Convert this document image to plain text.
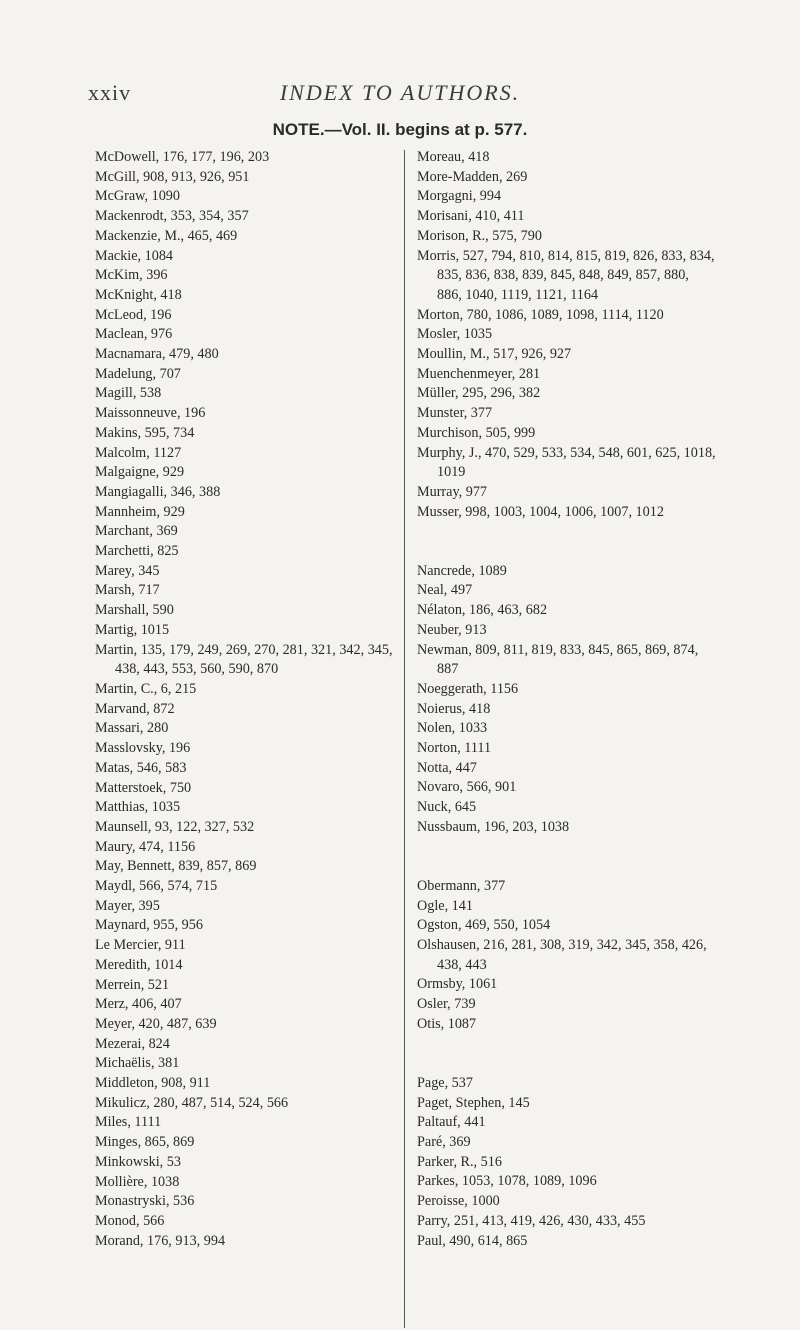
xxiv	INDEX TO AUTHORS.
NOTE.—Vol. II. begins at p. 577.
McDowell, 176, 177, 196, 203
McGill, 908, 913, 926, 951
McGraw, 1090
Mackenrodt, 353, 354, 357
Mackenzie, M., 465, 469
Mackie, 1084
McKim, 396
McKnight, 418
McLeod, 196
Maclean, 976
Macnamara, 479, 480
Madelung, 707
Magill, 538
Maissonneuve, 196
Makins, 595, 734
Malcolm, 1127
Malgaigne, 929
Mangiagalli, 346, 388
Mannheim, 929
Marchant, 369
Marchetti, 825
Marey, 345
Marsh, 717
Marshall, 590
Martig, 1015
Martin, 135, 179, 249, 269, 270, 281, 321, 342, 345, 438, 443, 553, 560, 590, 870
Martin, C., 6, 215
Marvand, 872
Massari, 280
Masslovsky, 196
Matas, 546, 583
Matterstoek, 750
Matthias, 1035
Maunsell, 93, 122, 327, 532
Maury, 474, 1156
May, Bennett, 839, 857, 869
Maydl, 566, 574, 715
Mayer, 395
Maynard, 955, 956
Le Mercier, 911
Meredith, 1014
Merrein, 521
Merz, 406, 407
Meyer, 420, 487, 639
Mezerai, 824
Michaëlis, 381
Middleton, 908, 911
Mikulicz, 280, 487, 514, 524, 566
Miles, 1111
Minges, 865, 869
Minkowski, 53
Mollière, 1038
Monastryski, 536
Monod, 566
Morand, 176, 913, 994
Moreau, 418
More-Madden, 269
Morgagni, 994
Morisani, 410, 411
Morison, R., 575, 790
Morris, 527, 794, 810, 814, 815, 819, 826, 833, 834, 835, 836, 838, 839, 845, 848, 849, 857, 880, 886, 1040, 1119, 1121, 1164
Morton, 780, 1086, 1089, 1098, 1114, 1120
Mosler, 1035
Moullin, M., 517, 926, 927
Muenchenmeyer, 281
Müller, 295, 296, 382
Munster, 377
Murchison, 505, 999
Murphy, J., 470, 529, 533, 534, 548, 601, 625, 1018, 1019
Murray, 977
Musser, 998, 1003, 1004, 1006, 1007, 1012
Nancrede, 1089
Neal, 497
Nélaton, 186, 463, 682
Neuber, 913
Newman, 809, 811, 819, 833, 845, 865, 869, 874, 887
Noeggerath, 1156
Noierus, 418
Nolen, 1033
Norton, 1111
Notta, 447
Novaro, 566, 901
Nuck, 645
Nussbaum, 196, 203, 1038
Obermann, 377
Ogle, 141
Ogston, 469, 550, 1054
Olshausen, 216, 281, 308, 319, 342, 345, 358, 426, 438, 443
Ormsby, 1061
Osler, 739
Otis, 1087
Page, 537
Paget, Stephen, 145
Paltauf, 441
Paré, 369
Parker, R., 516
Parkes, 1053, 1078, 1089, 1096
Peroisse, 1000
Parry, 251, 413, 419, 426, 430, 433, 455
Paul, 490, 614, 865
